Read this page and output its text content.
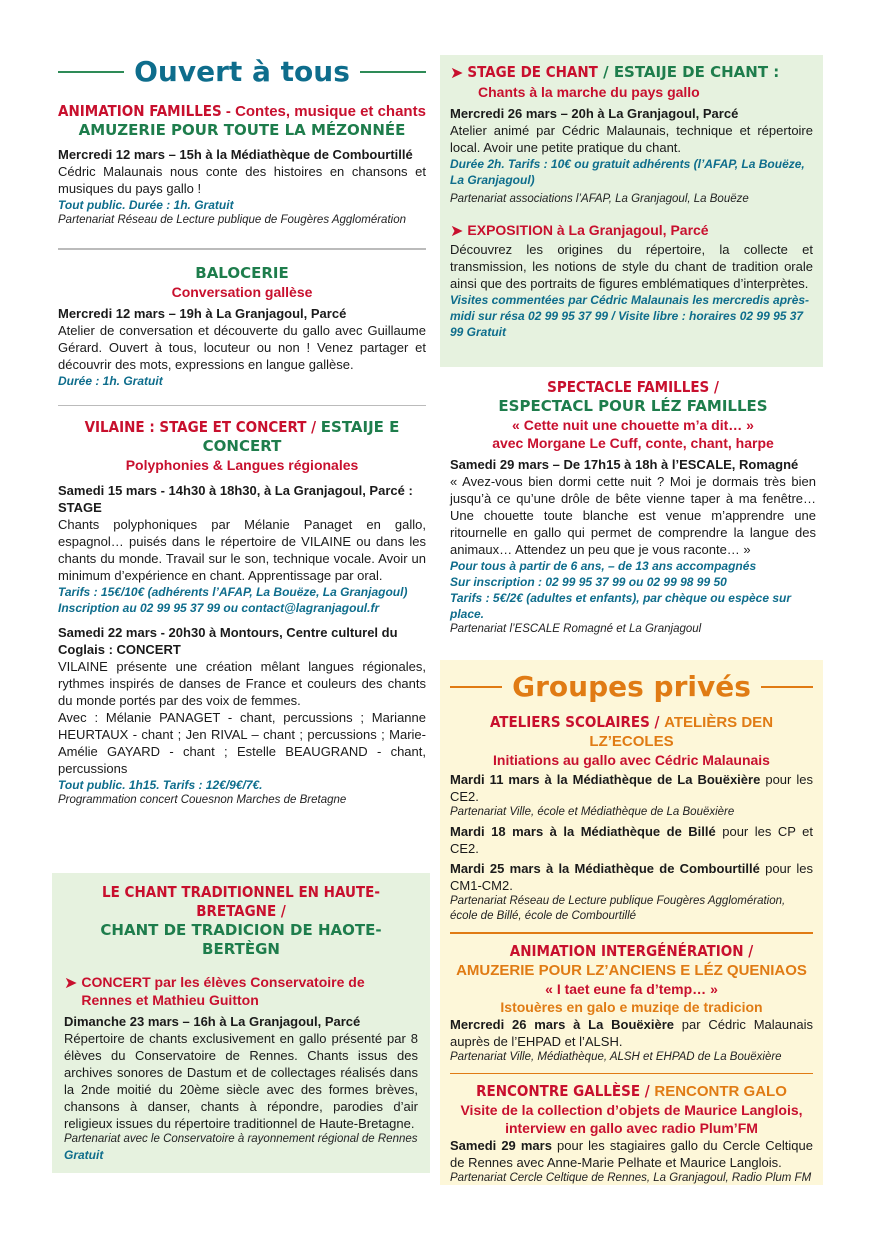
Ouvert à tous
ANIMATION FAMILLES - Contes, musique et chants
AMUZERIE POUR TOUTE LA MÉZONNÉE
Mercredi 12 mars – 15h à la Médiathèque de Combourtillé
Cédric Malaunais nous conte des histoires en chansons et musiques du pays gallo !
Tout public. Durée : 1h. Gratuit
Partenariat Réseau de Lecture publique de Fougères Agglomération
BALOCERIE
Conversation gallèse
Mercredi 12 mars – 19h à La Granjagoul, Parcé
Atelier de conversation et découverte du gallo avec Guillaume Gérard. Ouvert à tous, locuteur ou non ! Venez partager et découvrir des mots, expressions en langue gallèse.
Durée : 1h. Gratuit
VILAINE : STAGE ET CONCERT / ESTAIJE E CONCERT
Polyphonies & Langues régionales
Samedi 15 mars - 14h30 à 18h30, à La Granjagoul, Parcé : STAGE
Chants polyphoniques par Mélanie Panaget en gallo, espagnol… puisés dans le répertoire de VILAINE ou dans les chants du monde. Travail sur le son, technique vocale. Avoir un minimum d’expérience en chant. Apprentissage par oral.
Tarifs : 15€/10€ (adhérents l’AFAP, La Bouëze, La Granjagoul)
Inscription au 02 99 95 37 99 ou contact@lagranjagoul.fr
Samedi 22 mars - 20h30 à Montours, Centre culturel du Coglais : CONCERT
VILAINE présente une création mêlant langues régionales, rythmes inspirés de danses de France et couleurs des chants du monde portés par des voix de femmes.
Avec : Mélanie PANAGET - chant, percussions ; Marianne HEURTAUX - chant ; Jen RIVAL – chant ; percussions ; Marie-Amélie GAYARD - chant ; Estelle BEAUGRAND - chant, percussions
Tout public. 1h15. Tarifs : 12€/9€/7€.
Programmation concert Couesnon Marches de Bretagne
LE CHANT TRADITIONNEL EN HAUTE-BRETAGNE /
CHANT DE TRADICION DE HAOTE-BERTÈGN
➤ CONCERT par les élèves Conservatoire de Rennes et Mathieu Guitton
Dimanche 23 mars – 16h à La Granjagoul, Parcé
Répertoire de chants exclusivement en gallo présenté par 8 élèves du Conservatoire de Rennes. Chants issus des archives sonores de Dastum et de collectages réalisés dans la 2nde moitié du 20ème siècle avec des formes brèves, chansons à danser, chants à répondre, parodies d’air religieux issues du répertoire traditionnel de Haute-Bretagne.
Partenariat avec le Conservatoire à rayonnement régional de Rennes
Gratuit
➤ STAGE DE CHANT / ESTAIJE DE CHANT :
Chants à la marche du pays gallo
Mercredi 26 mars – 20h à La Granjagoul, Parcé
Atelier animé par Cédric Malaunais, technique et répertoire local. Avoir une petite pratique du chant.
Durée 2h. Tarifs : 10€ ou gratuit adhérents (l’AFAP, La Bouëze, La Granjagoul)
Partenariat associations l’AFAP, La Granjagoul, La Bouëze
➤ EXPOSITION à La Granjagoul, Parcé
Découvrez les origines du répertoire, la collecte et transmission, les notions de style du chant de tradition orale ainsi que des portraits de figures emblématiques d’interprètes.
Visites commentées par Cédric Malaunais les mercredis après-midi sur résa 02 99 95 37 99 / Visite libre : horaires 02 99 95 37 99 Gratuit
SPECTACLE FAMILLES /
ESPECTACL POUR LÉZ FAMILLES
« Cette nuit une chouette m’a dit… »
avec Morgane Le Cuff, conte, chant, harpe
Samedi 29 mars – De 17h15 à 18h à l’ESCALE, Romagné
« Avez-vous bien dormi cette nuit ? Moi je dormais très bien jusqu’à ce qu’une drôle de bête vienne taper à ma fenêtre… Une chouette toute blanche est venue m’apprendre une ritournelle en gallo qui permet de comprendre la langue des animaux… Attendez un peu que je vous raconte… »
Pour tous à partir de 6 ans, – de 13 ans accompagnés
Sur inscription : 02 99 95 37 99 ou 02 99 98 99 50
Tarifs : 5€/2€ (adultes et enfants), par chèque ou espèce sur place.
Partenariat l’ESCALE Romagné et La Granjagoul
Groupes privés
ATELIERS SCOLAIRES / ATELIÈRS DEN LZ’ECOLES
Initiations au gallo avec Cédric Malaunais
Mardi 11 mars à la Médiathèque de La Bouëxière pour les CE2.
Partenariat Ville, école et Médiathèque de La Bouëxière
Mardi 18 mars à la Médiathèque de Billé pour les CP et CE2.
Mardi 25 mars à la Médiathèque de Combourtillé pour les CM1-CM2.
Partenariat Réseau de Lecture publique Fougères Agglomération, école de Billé, école de Combourtillé
ANIMATION INTERGÉNÉRATION /
AMUZERIE POUR LZ’ANCIENS E LÉZ QUENIAOS
« I taet eune fa d’temp… »
Istouères en galo e muziqe de tradicion
Mercredi 26 mars à La Bouëxière par Cédric Malaunais auprès de l’EHPAD et l’ALSH.
Partenariat Ville, Médiathèque, ALSH et EHPAD de La Bouëxière
RENCONTRE GALLÈSE / RENCONTR GALO
Visite de la collection d’objets de Maurice Langlois,
interview en gallo avec radio Plum’FM
Samedi 29 mars pour les stagiaires gallo du Cercle Celtique de Rennes avec Anne-Marie Pelhate et Maurice Langlois.
Partenariat Cercle Celtique de Rennes, La Granjagoul, Radio Plum FM
